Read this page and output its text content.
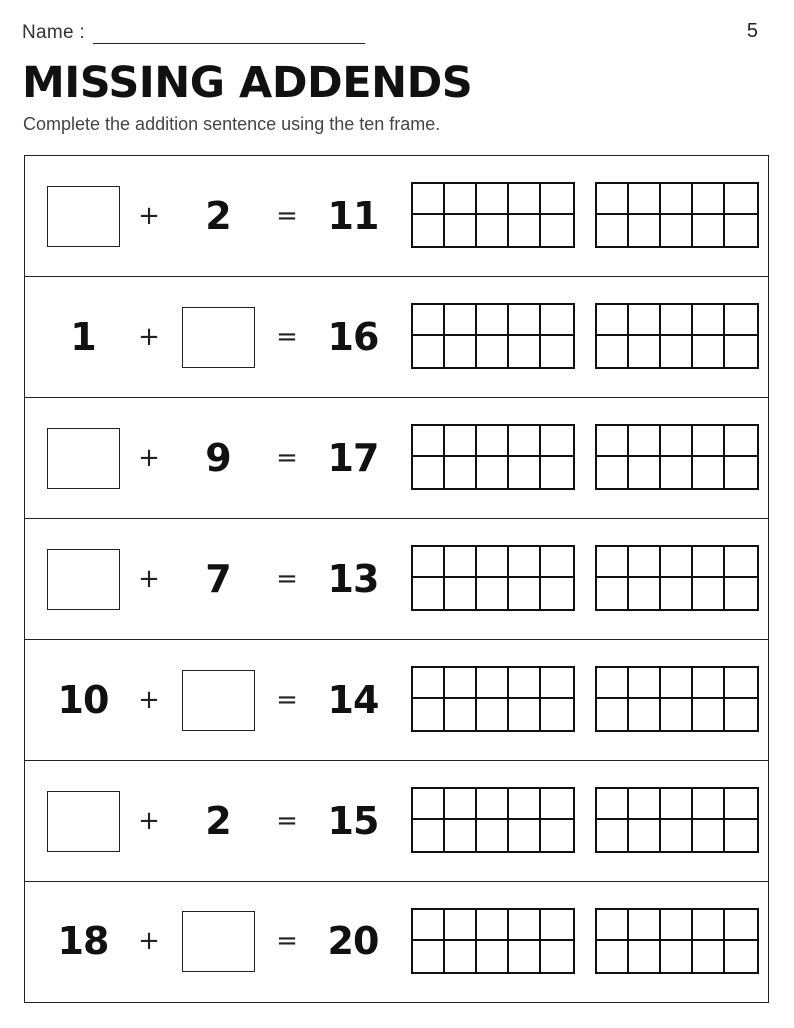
Name :	5
MISSING ADDENDS
Complete the addition sentence using the ten frame.
+ 2 = 11
1 +	= 16
+ 9 = 17
+ 7 = 13
10 +	= 14
+ 2 = 15
18 +	= 20
